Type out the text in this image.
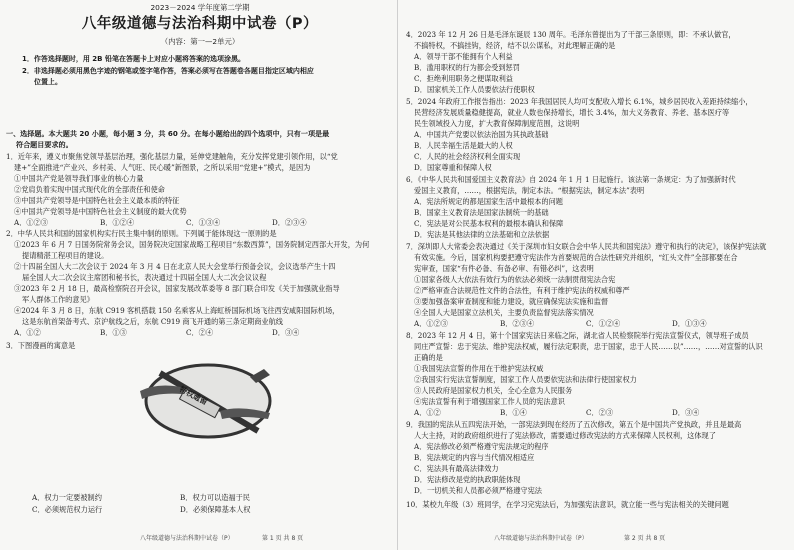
2023－2024 学年度第二学期
八年级道德与法治科期中试卷（P）
（内容：第一—2单元）
1．作答选择题时，用 2B 铅笔在答题卡上对应小题将答案的选项涂黑。
2．非选择题必须用黑色字迹的钢笔或签字笔作答，答案必须写在答题卷各题目指定区域内相应
位置上。
一、选择题。本大题共 20 小题，每小题 3 分，共 60 分。在每小题给出的四个选项中，只有一项是最
符合题目要求的。
1．近年来，遵义市聚焦党领导基层治理，强化基层力量，延伸党建触角，充分发挥党建引领作用，以“党
建+”全面推进“产业兴、乡村美、人气旺、民心暖”新图景，之所以采用“党建+”模式，是因为
①中国共产党是领导我们事业的核心力量
②党肩负着实现中国式现代化的全部责任和使命
③中国共产党领导是中国特色社会主义最本质的特征
④中国共产党领导是中国特色社会主义制度的最大优势
A．①②③	B．①②④	C．①③④	D．②③④
2．中华人民共和国的国家机构实行民主集中制的原则。下列属于能体现这一原则的是
①2023 年 6 月 7 日国务院常务会议，国务院决定国家战略工程项目“东数西算”，国务院制定西部大开发，为何
提请精湛工程项目的建设。
②十四届全国人大二次会议于 2024 年 3 月 4 日在北京人民大会堂举行预备会议，会议选举产生十四
届全国人大二次会议主席团和秘书长，表决通过十四届全国人大二次会议议程
③2023 年 2 月 18 日，最高检察院召开会议，国家发展改革委等 8 部门联合印发《关于加强就业指导
军人群体工作的意见》
④2024 年 3 月 8 日，东航 C919 客机搭载 150 名乘客从上海虹桥国际机场飞往西安咸阳国际机场，
这是东航首架备考式、京沪航线之后，东航 C919 商飞开通的第三条定期商业航线
A．①②	B．①③	C．②④	D．③④
3．下图漫画的寓意是
特权遗留
A．权力一定要被制约	B．权力可以造福于民
C．必须规范权力运行	D．必须保障基本人权
八年级道德与法治科期中试卷（P）	第 1 页 共 8 页
4．2023 年 12 月 26 日是毛泽东诞辰 130 周年。毛泽东曾提出为了干部三条原则，即：不承认做官，
不搞特权，不搞挂钩，经济，结不以公谋私，对此理解正确的是
A．领导干部不能拥有个人利益
B．滥用职权的行为都会受到惩罚
C．拒绝利用职务之便谋取利益
D．国家机关工作人员要依法行使职权
5．2024 年政府工作报告指出：2023 年我国居民人均可支配收入增长 6.1%，城乡居民收入差距持续缩小，
民营经济发展质量稳健提高，就业人数也保持增长，增长 3.4%，加大义务教育、养老、基本医疗等
民生领域投入力度，扩大教育保障制度范围，这说明
A．中国共产党要以依法治国为其执政基础
B．人民幸福生活是最大的人权
C．人民的社会经济权利全面实现
D．国家尊重和保障人权
6．《中华人民共和国爱国主义教育法》自 2024 年 1 月 1 日起施行。该法第一条规定：为了加强新时代
爱国主义教育，……，根据宪法，制定本法。“根据宪法，制定本法”表明
A．宪法所规定的都是国家生活中最根本的问题
B．国家主义教育法是国家法制统一的基础
C．宪法是对公民基本权利的最根本确认和保障
D．宪法是其他法律的立法基础和立法依据
7．深圳即人大常委会表决通过《关于深圳市妇女联合会中华人民共和国宪法》遵守和执行的决定》，该保护宪法就
有效实施。今后，国家机构要把遵守宪法作为首要规范的合法性研究并组织，“红头文件”全部都要在合
宪审查，国家“有件必备、有备必审、有错必纠”，这表明
①国家各级人大依法有效行为的依法必须统一法制贯彻宪法合宪
②严格审查合法规范性文件的合法性，有利于维护宪法的权威和尊严
③要加强备案审查制度和能力建设，就应确保宪法实施和监督
④全国人大是国家立法机关，主要负责监督宪法落实情况
A．①②③	B．②③④	C．①②④	D．①③④
8．2023 年 12 月 4 日，第十个国家宪法日来临之际，湖北省人民检察院举行宪法宣誓仪式，领导班子成员
同庄严宣誓：忠于宪法、维护宪法权威，履行法定职责，忠于国家，忠于人民……以”……，……对宣誓的认识
正确的是
①我国宪法宣誓的作用在于维护宪法权威
②我国实行宪法宣誓制度，国家工作人员要依宪法和法律行使国家权力
③人民政府是国家权力机关，全心全意为人民服务
④宪法宣誓有利于增强国家工作人员的宪法意识
A．①②	B．①④	C．②③	D．③④
9．我国的宪法从五四宪法开始，一部宪法到现在经历了五次修改，第五个是中国共产党执政，并且是最高
人大主持，对的政府组织进行了宪法修改，需要通过修改宪法的方式来保障人民权利，这体现了
A．宪法修改必须严格遵守宪法规定的程序
B．宪法规定的内容与当代情况相适应
C．宪法具有最高法律效力
D．宪法修改是党的执政职能体现
D．一切机关和人员都必须严格遵守宪法
10．某校九年级（3）班同学，在学习完宪法后，为加强宪法意识，就立能一些与宪法相关的关键问题
八年级道德与法治科期中试卷（P）	第 2 页 共 8 页
